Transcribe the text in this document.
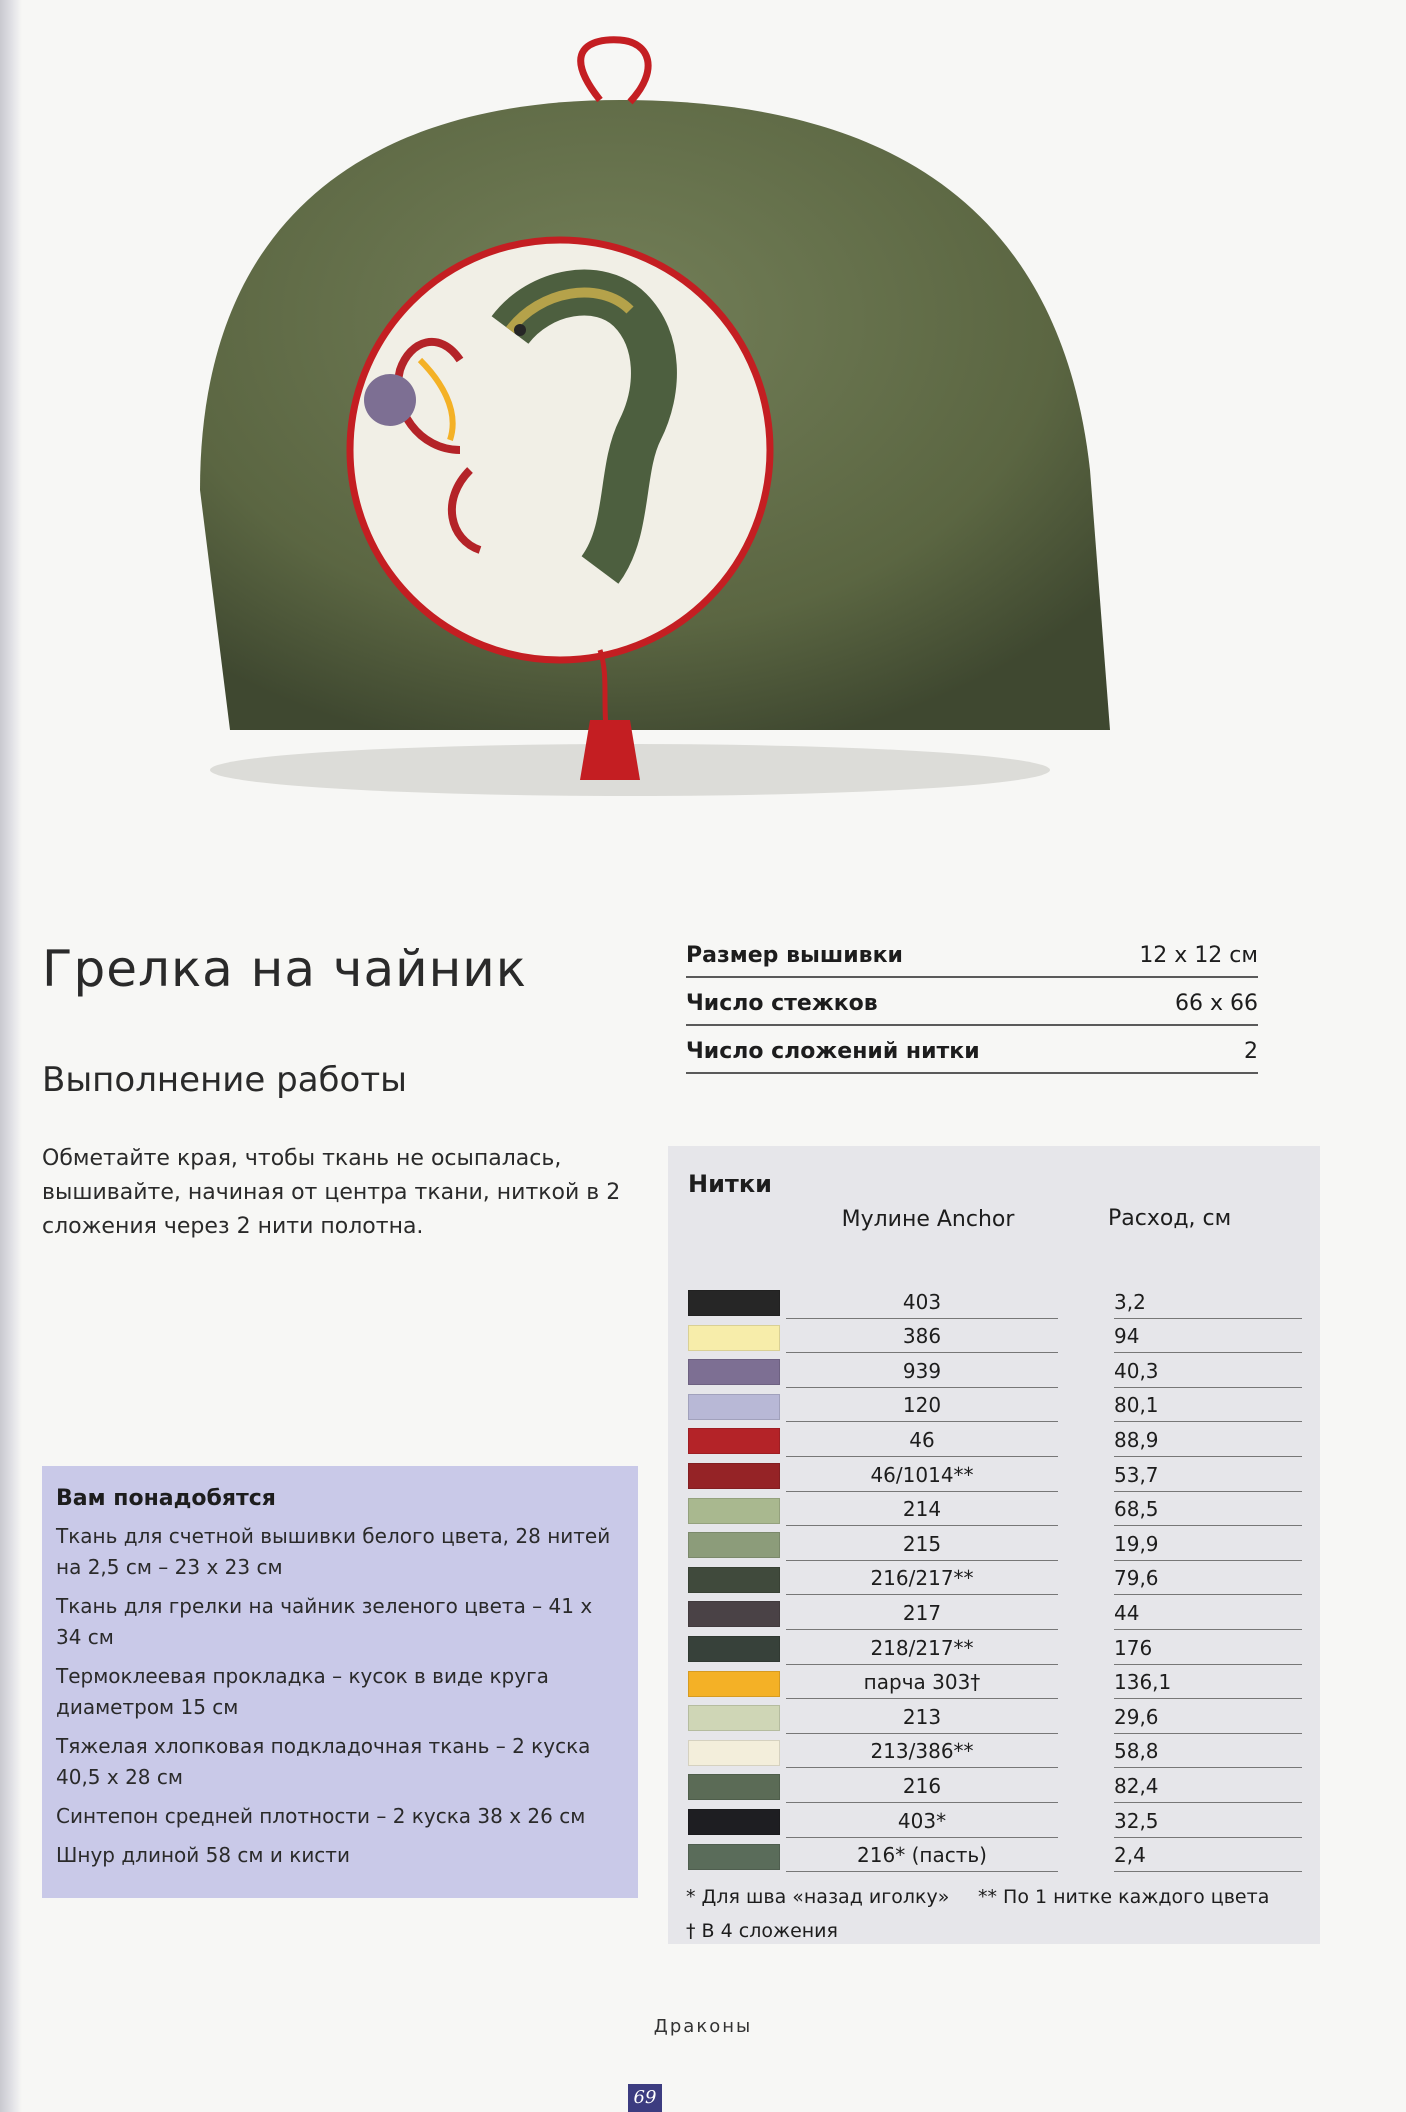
Грелка на чайник
Выполнение работы

Обметайте края, чтобы ткань не осыпалась, вышивайте, начиная от центра ткани, ниткой в 2 сложения через 2 нити полотна.

Размер вышивки	12 x 12 см
Число стежков	66 x 66
Число сложений нитки	2
Нитки
Мулине Anchor	Расход, см
403	3,2
386	94
939	40,3
120	80,1
46	88,9
46/1014**	53,7
214	68,5
215	19,9
216/217**	79,6
217	44
218/217**	176
парча 303†	136,1
213	29,6
213/386**	58,8
216	82,4
403*	32,5
216* (пасть)	2,4
* Для шва «назад иголку» ** По 1 нитке каждого цвета
† В 4 сложения
Вам понадобятся
Ткань для счетной вышивки белого цвета, 28 нитей на 2,5 см – 23 x 23 см
Ткань для грелки на чайник зеленого цвета – 41 x 34 см
Термоклеевая прокладка – кусок в виде круга диаметром 15 см
Тяжелая хлопковая подкладочная ткань – 2 куска 40,5 x 28 см
Синтепон средней плотности – 2 куска 38 x 26 см
Шнур длиной 58 см и кисти
Драконы
69
